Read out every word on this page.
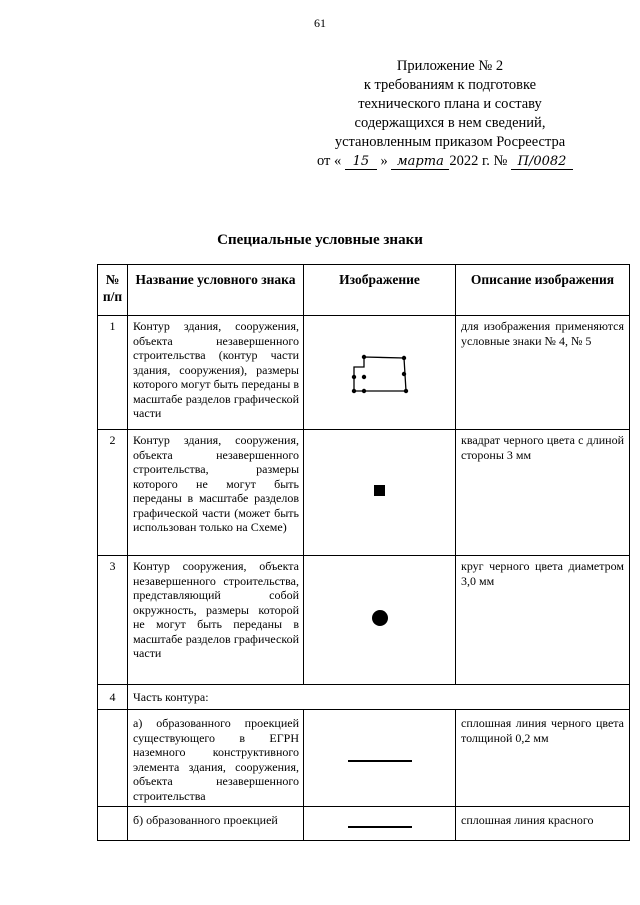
61
Приложение № 2
к требованиям к подготовке
технического плана и составу
содержащихся в нем сведений,
установленным приказом Росреестра
от « 15 » марта 2022 г. № П/0082
Специальные условные знаки
№ п/п	Название условного знака	Изображение	Описание изображения
1	Контур здания, сооружения, объекта незавершенного строительства (контур части здания, сооружения), размеры которого могут быть переданы в масштабе разделов графической части		для изображения применяются условные знаки № 4, № 5
2	Контур здания, сооружения, объекта незавершенного строительства, размеры которого не могут быть переданы в масштабе разделов графической части (может быть использован только на Схеме)		квадрат черного цвета с длиной стороны 3 мм
3	Контур сооружения, объекта незавершенного строительства, представляющий собой окружность, размеры которой не могут быть переданы в масштабе разделов графической части		круг черного цвета диаметром 3,0 мм
4	Часть контура:		
	а) образованного проекцией существующего в ЕГРН наземного конструктивного элемента здания, сооружения, объекта незавершенного строительства		сплошная линия черного цвета толщиной 0,2 мм
	б) образованного проекцией		сплошная линия красного
